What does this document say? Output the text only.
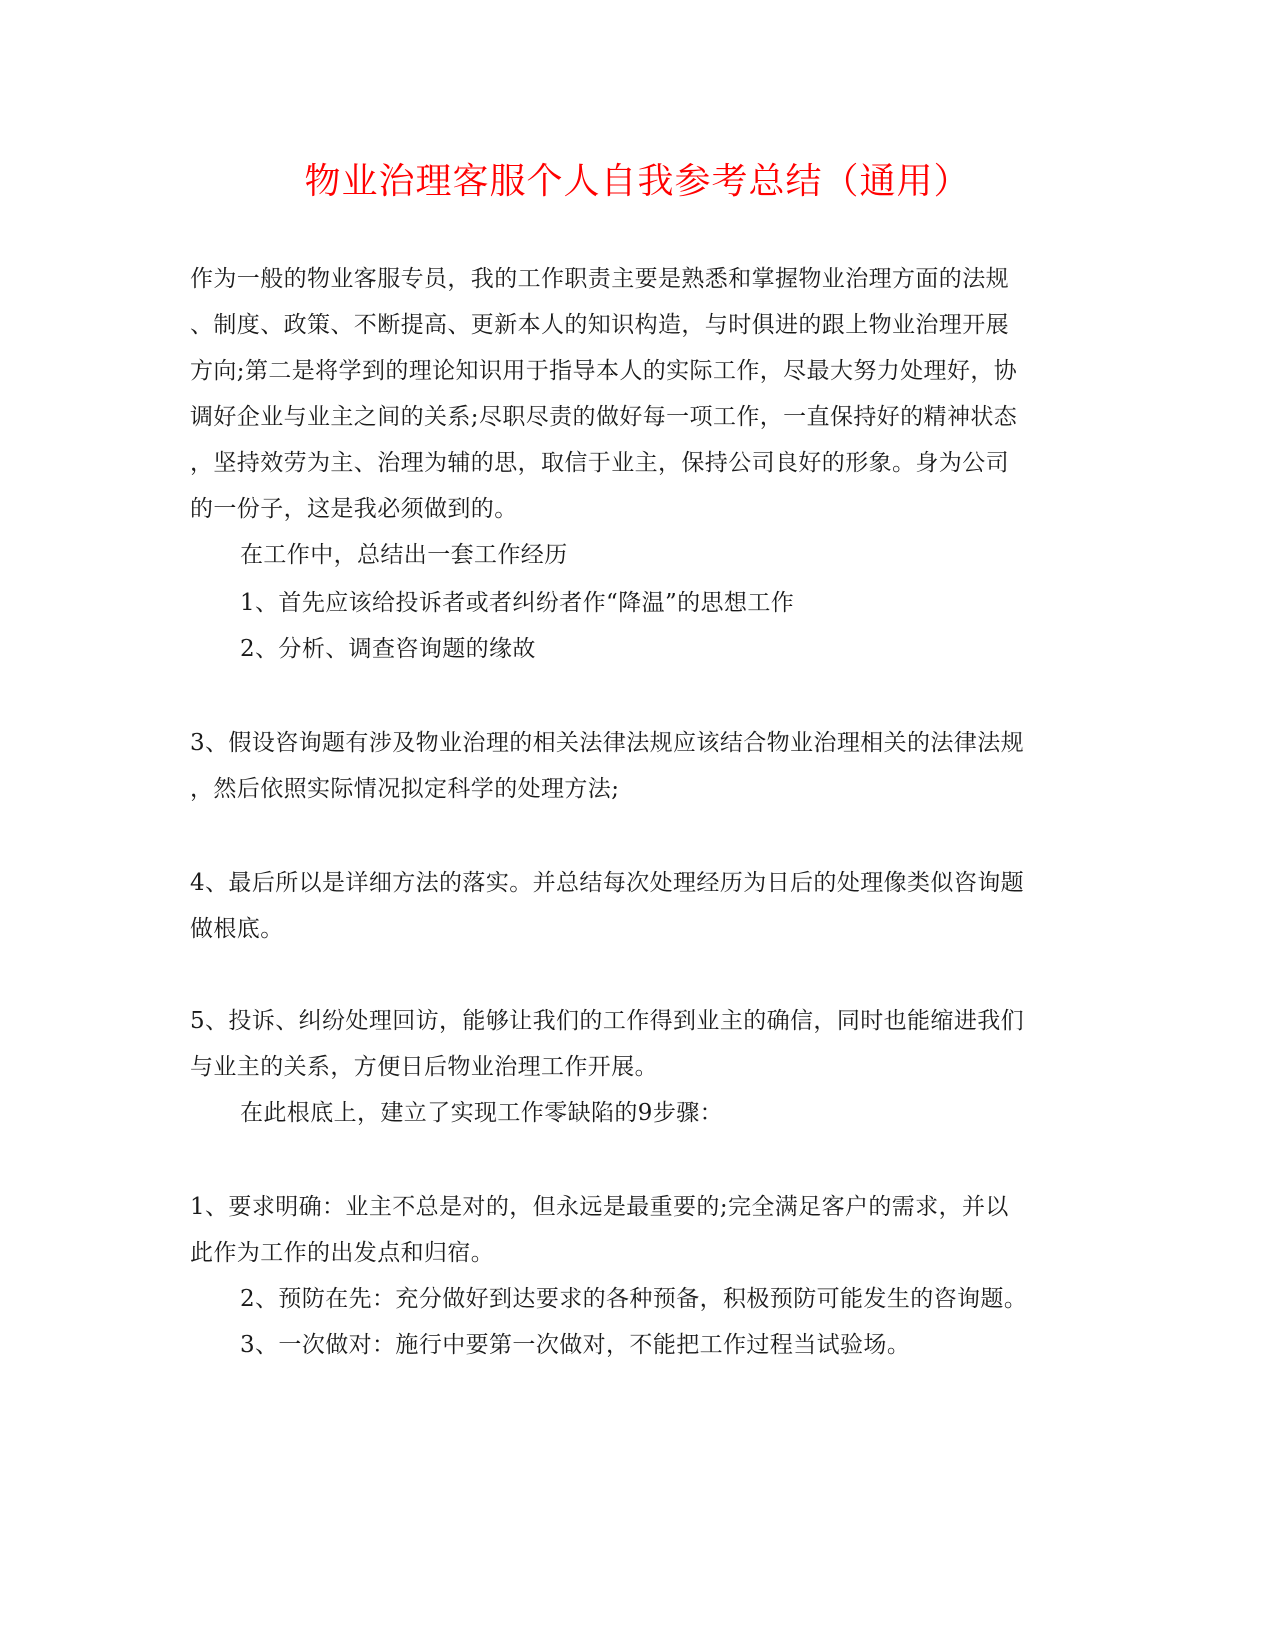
物业治理客服个人自我参考总结（通用）

作为一般的物业客服专员，我的工作职责主要是熟悉和掌握物业治理方面的法规

、制度、政策、不断提高、更新本人的知识构造，与时俱进的跟上物业治理开展

方向;第二是将学到的理论知识用于指导本人的实际工作，尽最大努力处理好，协

调好企业与业主之间的关系;尽职尽责的做好每一项工作，一直保持好的精神状态

，坚持效劳为主、治理为辅的思，取信于业主，保持公司良好的形象。身为公司

的一份子，这是我必须做到的。

在工作中，总结出一套工作经历

1、首先应该给投诉者或者纠纷者作“降温”的思想工作

2、分析、调查咨询题的缘故

3、假设咨询题有涉及物业治理的相关法律法规应该结合物业治理相关的法律法规

，然后依照实际情况拟定科学的处理方法;

4、最后所以是详细方法的落实。并总结每次处理经历为日后的处理像类似咨询题

做根底。

5、投诉、纠纷处理回访，能够让我们的工作得到业主的确信，同时也能缩进我们

与业主的关系，方便日后物业治理工作开展。

在此根底上，建立了实现工作零缺陷的9步骤：

1、要求明确：业主不总是对的，但永远是最重要的;完全满足客户的需求，并以

此作为工作的出发点和归宿。

2、预防在先：充分做好到达要求的各种预备，积极预防可能发生的咨询题。

3、一次做对：施行中要第一次做对，不能把工作过程当试验场。
